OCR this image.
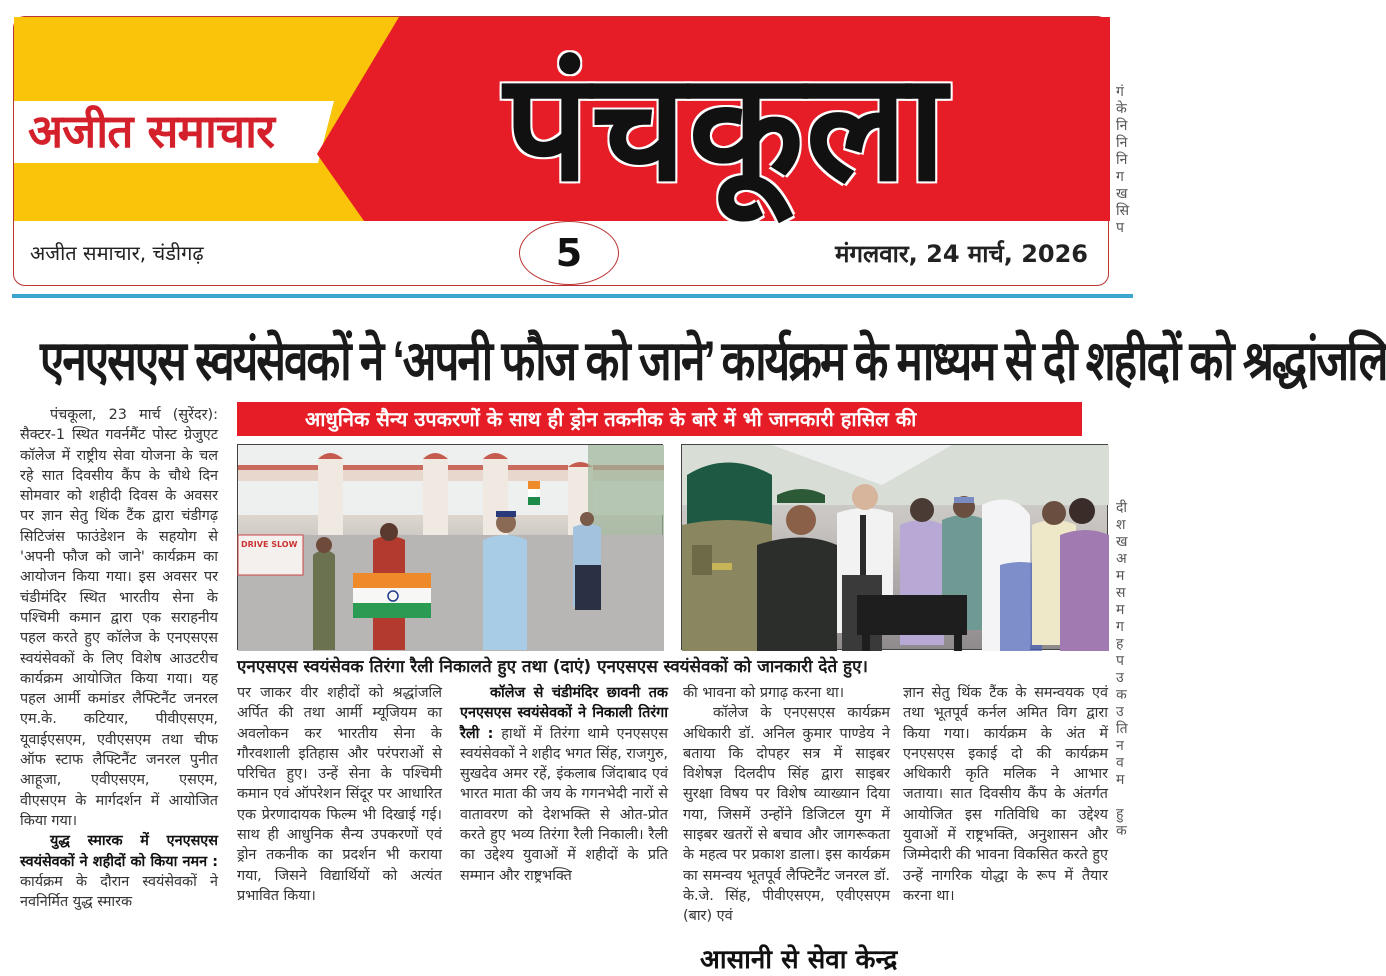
अजीत समाचार पंचकूला
अजीत समाचार, चंडीगढ़	5	मंगलवार, 24 मार्च, 2026
गं
के
नि
नि
नि
ग
ख
सि
प
दी
श
ख
अ
म
स
म
ग
ह
प
उ
क
उ
ति
न
व
म

हु
क
एनएसएस स्वयंसेवकों ने ‘अपनी फौज को जाने’ कार्यक्रम के माध्यम से दी शहीदों को श्रद्धांजलि
आधुनिक सैन्य उपकरणों के साथ ही ड्रोन तकनीक के बारे में भी जानकारी हासिल की
DRIVE SLOW
एनएसएस स्वयंसेवक तिरंगा रैली निकालते हुए तथा (दाएं) एनएसएस स्वयंसेवकों को जानकारी देते हुए।

पंचकूला, 23 मार्च (सुरेंदर): सैक्टर-1 स्थित गवर्नमैंट पोस्ट ग्रेजुएट कॉलेज में राष्ट्रीय सेवा योजना के चल रहे सात दिवसीय कैंप के चौथे दिन सोमवार को शहीदी दिवस के अवसर पर ज्ञान सेतु थिंक टैंक द्वारा चंडीगढ़ सिटिजंस फाउंडेशन के सहयोग से 'अपनी फौज को जाने' कार्यक्रम का आयोजन किया गया। इस अवसर पर चंडीमंदिर स्थित भारतीय सेना के पश्चिमी कमान द्वारा एक सराहनीय पहल करते हुए कॉलेज के एनएसएस स्वयंसेवकों के लिए विशेष आउटरीच कार्यक्रम आयोजित किया गया। यह पहल आर्मी कमांडर लैफ्टिनैंट जनरल एम.के. कटियार, पीवीएसएम, यूवाईएसएम, एवीएसएम तथा चीफ ऑफ स्टाफ लैफ्टिनैंट जनरल पुनीत आहूजा, एवीएसएम, एसएम, वीएसएम के मार्गदर्शन में आयोजित किया गया।

युद्ध स्मारक में एनएसएस स्वयंसेवकों ने शहीदों को किया नमन : कार्यक्रम के दौरान स्वयंसेवकों ने नवनिर्मित युद्ध स्मारक

पर जाकर वीर शहीदों को श्रद्धांजलि अर्पित की तथा आर्मी म्यूजियम का अवलोकन कर भारतीय सेना के गौरवशाली इतिहास और परंपराओं से परिचित हुए। उन्हें सेना के पश्चिमी कमान एवं ऑपरेशन सिंदूर पर आधारित एक प्रेरणादायक फिल्म भी दिखाई गई। साथ ही आधुनिक सैन्य उपकरणों एवं ड्रोन तकनीक का प्रदर्शन भी कराया गया, जिसने विद्यार्थियों को अत्यंत प्रभावित किया।

कॉलेज से चंडीमंदिर छावनी तक एनएसएस स्वयंसेवकों ने निकाली तिरंगा रैली : हाथों में तिरंगा थामे एनएसएस स्वयंसेवकों ने शहीद भगत सिंह, राजगुरु, सुखदेव अमर रहें, इंकलाब जिंदाबाद एवं भारत माता की जय के गगनभेदी नारों से वातावरण को देशभक्ति से ओत-प्रोत करते हुए भव्य तिरंगा रैली निकाली। रैली का उद्देश्य युवाओं में शहीदों के प्रति सम्मान और राष्ट्रभक्ति

की भावना को प्रगाढ़ करना था।

कॉलेज के एनएसएस कार्यक्रम अधिकारी डॉ. अनिल कुमार पाण्डेय ने बताया कि दोपहर सत्र में साइबर विशेषज्ञ दिलदीप सिंह द्वारा साइबर सुरक्षा विषय पर विशेष व्याख्यान दिया गया, जिसमें उन्होंने डिजिटल युग में साइबर खतरों से बचाव और जागरूकता के महत्व पर प्रकाश डाला। इस कार्यक्रम का समन्वय भूतपूर्व लैफ्टिनैंट जनरल डॉ. के.जे. सिंह, पीवीएसएम, एवीएसएम (बार) एवं

ज्ञान सेतु थिंक टैंक के समन्वयक एवं तथा भूतपूर्व कर्नल अमित विग द्वारा किया गया। कार्यक्रम के अंत में एनएसएस इकाई दो की कार्यक्रम अधिकारी कृति मलिक ने आभार जताया। सात दिवसीय कैंप के अंतर्गत आयोजित इस गतिविधि का उद्देश्य युवाओं में राष्ट्रभक्ति, अनुशासन और जिम्मेदारी की भावना विकसित करते हुए उन्हें नागरिक योद्धा के रूप में तैयार करना था।

आसानी से सेवा केन्द्र
